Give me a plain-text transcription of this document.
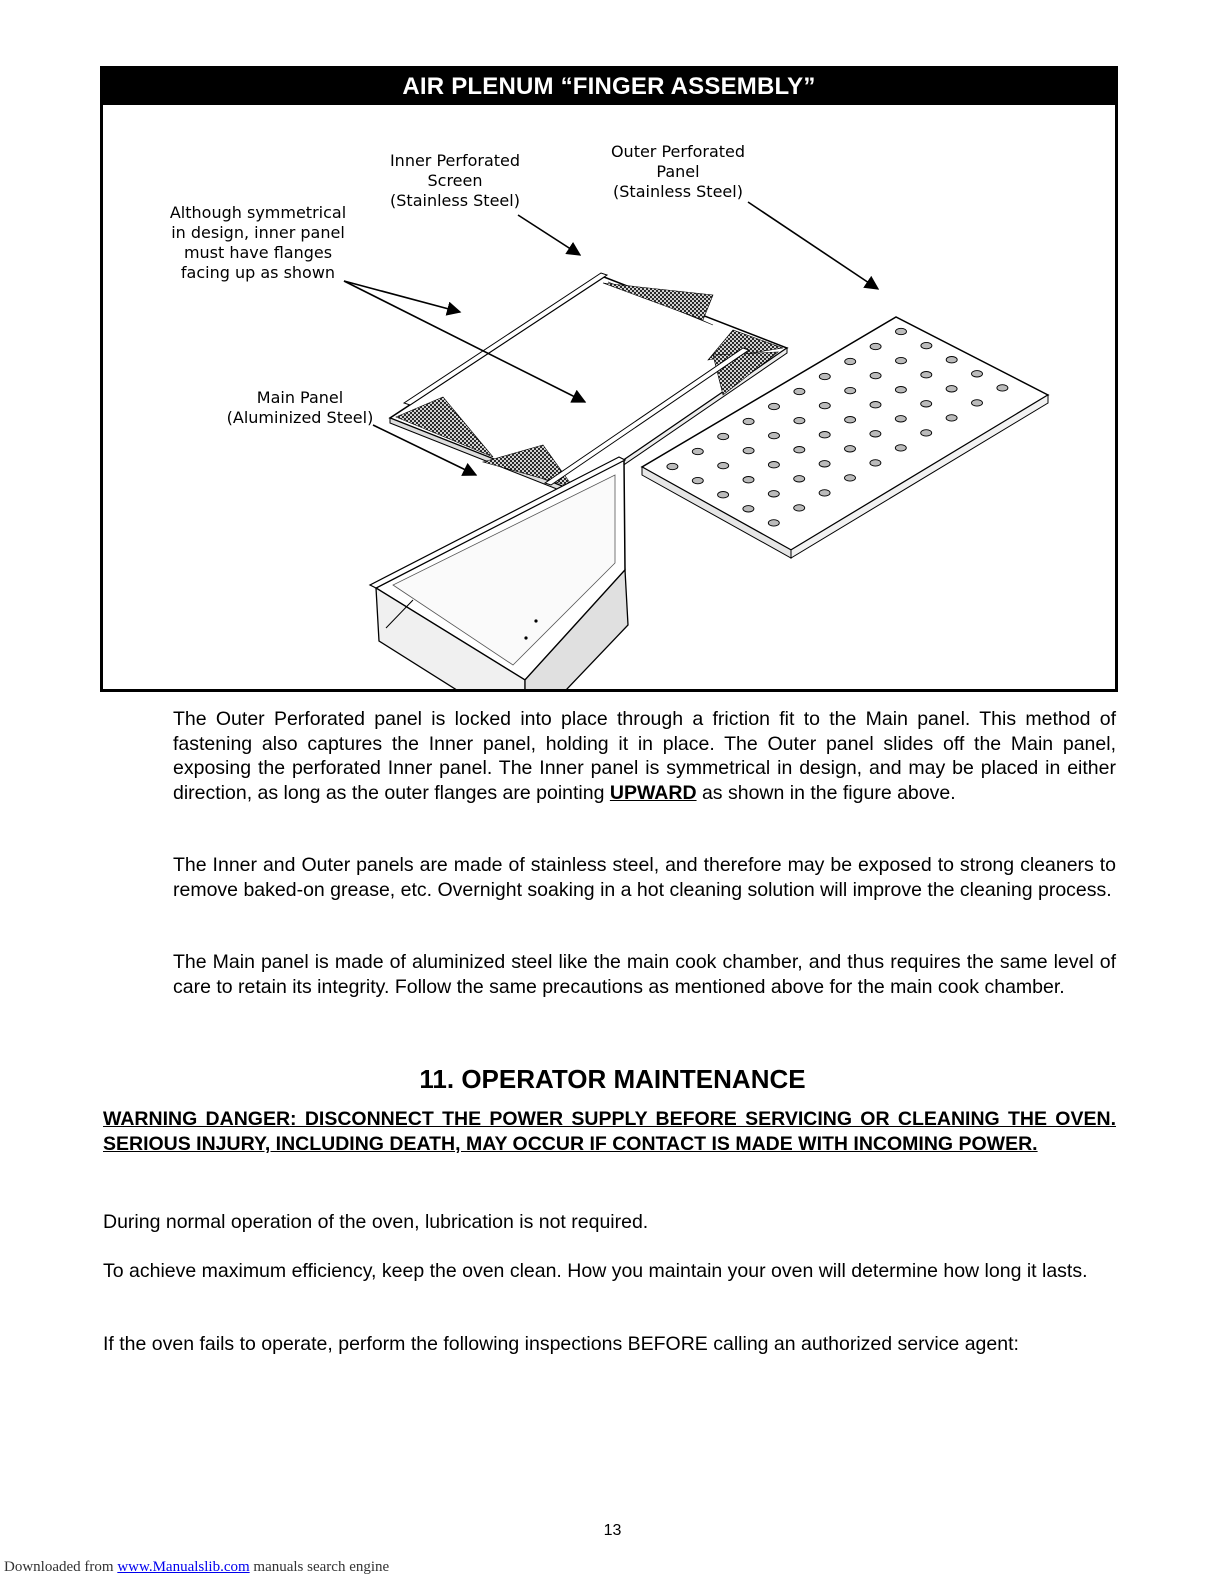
AIR PLENUM “FINGER ASSEMBLY”
Inner Perforated
Screen
(Stainless Steel)
Outer Perforated
Panel
(Stainless Steel)
Although symmetrical
in design, inner panel
must have flanges
facing up as shown
Main Panel
(Aluminized Steel)
The Outer Perforated panel is locked into place through a friction fit to the Main panel. This method of fastening also captures the Inner panel, holding it in place. The Outer panel slides off the Main panel, exposing the perforated Inner panel. The Inner panel is symmetrical in design, and may be placed in either direction, as long as the outer flanges are pointing UPWARD as shown in the figure above.
The Inner and Outer panels are made of stainless steel, and therefore may be exposed to strong cleaners to remove baked-on grease, etc. Overnight soaking in a hot cleaning solution will improve the cleaning process.
The Main panel is made of aluminized steel like the main cook chamber, and thus requires the same level of care to retain its integrity. Follow the same precautions as mentioned above for the main cook chamber.
11. OPERATOR MAINTENANCE
WARNING DANGER: DISCONNECT THE POWER SUPPLY BEFORE SERVICING OR CLEANING THE OVEN. SERIOUS INJURY, INCLUDING DEATH, MAY OCCUR IF CONTACT IS MADE WITH INCOMING POWER.
During normal operation of the oven, lubrication is not required.
To achieve maximum efficiency, keep the oven clean. How you maintain your oven will determine how long it lasts.
If the oven fails to operate, perform the following inspections BEFORE calling an authorized service agent:
13
Downloaded from www.Manualslib.com manuals search engine
